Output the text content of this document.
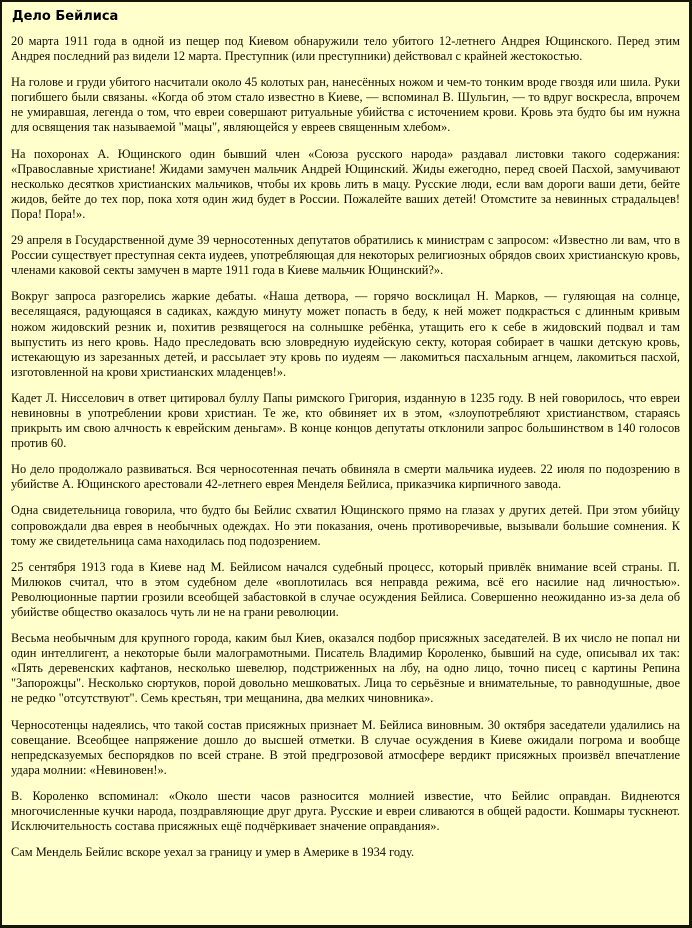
Дело Бейлиса

20 марта 1911 года в одной из пещер под Киевом обнаружили тело убитого 12-летнего Андрея Ющинского. Перед этим Андрея последний раз видели 12 марта. Преступник (или преступники) действовал с крайней жестокостью.

На голове и груди убитого насчитали около 45 колотых ран, нанесённых ножом и чем-то тонким вроде гвоздя или шила. Руки погибшего были связаны. «Когда об этом стало известно в Киеве, — вспоминал В. Шульгин, — то вдруг воскресла, впрочем не умиравшая, легенда о том, что евреи совершают ритуальные убийства с источением крови. Кровь эта будто бы им нужна для освящения так называемой "мацы", являющейся у евреев священным хлебом».

На похоронах А. Ющинского один бывший член «Союза русского народа» раздавал листовки такого содержания: «Православные христиане! Жидами замучен мальчик Андрей Ющинский. Жиды ежегодно, перед своей Пасхой, замучивают несколько десятков христианских мальчиков, чтобы их кровь лить в мацу. Русские люди, если вам дороги ваши дети, бейте жидов, бейте до тех пор, пока хотя один жид будет в России. Пожалейте ваших детей! Отомстите за невинных страдальцев! Пора! Пора!».

29 апреля в Государственной думе 39 черносотенных депутатов обратились к министрам с запросом: «Известно ли вам, что в России существует преступная секта иудеев, употребляющая для некоторых религиозных обрядов своих христианскую кровь, членами каковой секты замучен в марте 1911 года в Киеве мальчик Ющинский?».

Вокруг запроса разгорелись жаркие дебаты. «Наша детвора, — горячо восклицал Н. Марков, — гуляющая на солнце, веселящаяся, радующаяся в садиках, каждую минуту может попасть в беду, к ней может подкрасться с длинным кривым ножом жидовский резник и, похитив резвящегося на солнышке ребёнка, утащить его к себе в жидовский подвал и там выпустить из него кровь. Надо преследовать всю зловредную иудейскую секту, которая собирает в чашки детскую кровь, истекающую из зарезанных детей, и рассылает эту кровь по иудеям — лакомиться пасхальным агнцем, лакомиться пасхой, изготовленной на крови христианских младенцев!».

Кадет Л. Нисселович в ответ цитировал буллу Папы римского Григория, изданную в 1235 году. В ней говорилось, что евреи невиновны в употреблении крови христиан. Те же, кто обвиняет их в этом, «злоупотребляют христианством, стараясь прикрыть им свою алчность к еврейским деньгам». В конце концов депутаты отклонили запрос большинством в 140 голосов против 60.

Но дело продолжало развиваться. Вся черносотенная печать обвиняла в смерти мальчика иудеев. 22 июля по подозрению в убийстве А. Ющинского арестовали 42-летнего еврея Менделя Бейлиса, приказчика кирпичного завода.

Одна свидетельница говорила, что будто бы Бейлис схватил Ющинского прямо на глазах у других детей. При этом убийцу сопровождали два еврея в необычных одеждах. Но эти показания, очень противоречивые, вызывали большие сомнения. К тому же свидетельница сама находилась под подозрением.

25 сентября 1913 года в Киеве над М. Бейлисом начался судебный процесс, который привлёк внимание всей страны. П. Милюков считал, что в этом судебном деле «воплотилась вся неправда режима, всё его насилие над личностью». Революционные партии грозили всеобщей забастовкой в случае осуждения Бейлиса. Совершенно неожиданно из-за дела об убийстве общество оказалось чуть ли не на грани революции.

Весьма необычным для крупного города, каким был Киев, оказался подбор присяжных заседателей. В их число не попал ни один интеллигент, а некоторые были малограмотными. Писатель Владимир Короленко, бывший на суде, описывал их так: «Пять деревенских кафтанов, несколько шевелюр, подстриженных на лбу, на одно лицо, точно писец с картины Репина "Запорожцы". Несколько сюртуков, порой довольно мешковатых. Лица то серьёзные и внимательные, то равнодушные, двое не редко "отсутствуют". Семь крестьян, три мещанина, два мелких чиновника».

Черносотенцы надеялись, что такой состав присяжных признает М. Бейлиса виновным. 30 октября заседатели удалились на совещание. Всеобщее напряжение дошло до высшей отметки. В случае осуждения в Киеве ожидали погрома и вообще непредсказуемых беспорядков по всей стране. В этой предгрозовой атмосфере вердикт присяжных произвёл впечатление удара молнии: «Невиновен!».

В. Короленко вспоминал: «Около шести часов разносится молнией известие, что Бейлис оправдан. Виднеются многочисленные кучки народа, поздравляющие друг друга. Русские и евреи сливаются в общей радости. Кошмары тускнеют. Исключительность состава присяжных ещё подчёркивает значение оправдания».

Сам Мендель Бейлис вскоре уехал за границу и умер в Америке в 1934 году.
